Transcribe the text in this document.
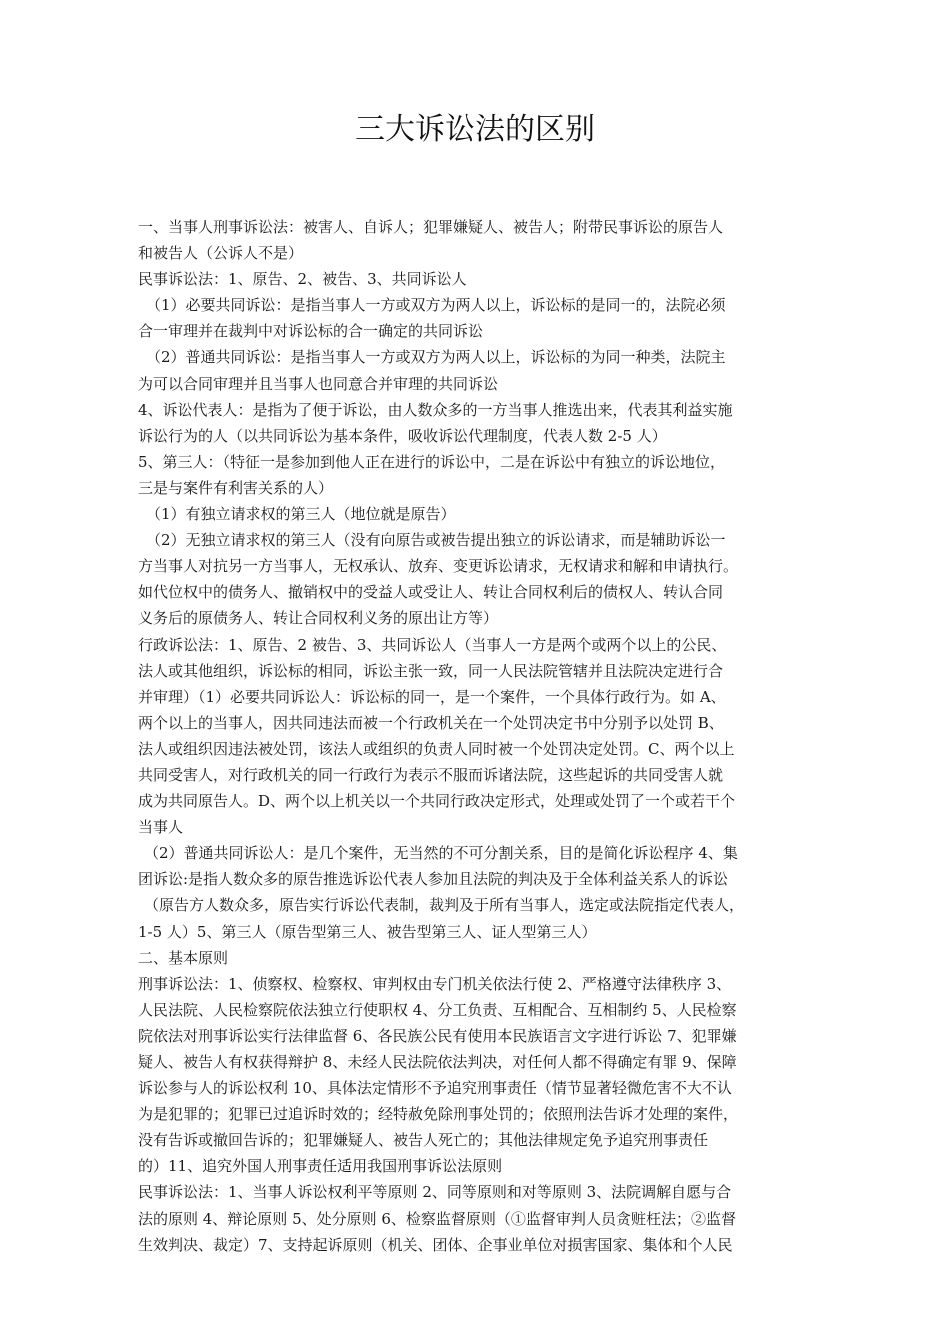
三大诉讼法的区别
一、当事人刑事诉讼法：被害人、自诉人；犯罪嫌疑人、被告人；附带民事诉讼的原告人
和被告人（公诉人不是）
民事诉讼法：1、原告、2、被告、3、共同诉讼人
（1）必要共同诉讼：是指当事人一方或双方为两人以上，诉讼标的是同一的，法院必须
合一审理并在裁判中对诉讼标的合一确定的共同诉讼
（2）普通共同诉讼：是指当事人一方或双方为两人以上，诉讼标的为同一种类，法院主
为可以合同审理并且当事人也同意合并审理的共同诉讼
4、诉讼代表人：是指为了便于诉讼，由人数众多的一方当事人推选出来，代表其利益实施
诉讼行为的人（以共同诉讼为基本条件，吸收诉讼代理制度，代表人数 2-5 人）
5、第三人：（特征一是参加到他人正在进行的诉讼中，二是在诉讼中有独立的诉讼地位，
三是与案件有利害关系的人）
（1）有独立请求权的第三人（地位就是原告）
（2）无独立请求权的第三人（没有向原告或被告提出独立的诉讼请求，而是辅助诉讼一
方当事人对抗另一方当事人，无权承认、放弃、变更诉讼请求，无权请求和解和申请执行。
如代位权中的债务人、撤销权中的受益人或受让人、转让合同权利后的债权人、转认合同
义务后的原债务人、转让合同权利义务的原出让方等）
行政诉讼法：1、原告、2 被告、3、共同诉讼人（当事人一方是两个或两个以上的公民、
法人或其他组织，诉讼标的相同，诉讼主张一致，同一人民法院管辖并且法院决定进行合
并审理）（1）必要共同诉讼人：诉讼标的同一，是一个案件，一个具体行政行为。如 A、
两个以上的当事人，因共同违法而被一个行政机关在一个处罚决定书中分别予以处罚 B、
法人或组织因违法被处罚，该法人或组织的负责人同时被一个处罚决定处罚。C、两个以上
共同受害人，对行政机关的同一行政行为表示不服而诉诸法院，这些起诉的共同受害人就
成为共同原告人。D、两个以上机关以一个共同行政决定形式，处理或处罚了一个或若干个
当事人
（2）普通共同诉讼人：是几个案件，无当然的不可分割关系，目的是简化诉讼程序 4、集
团诉讼:是指人数众多的原告推选诉讼代表人参加且法院的判决及于全体利益关系人的诉讼
（原告方人数众多，原告实行诉讼代表制，裁判及于所有当事人，选定或法院指定代表人，
1-5 人）5、第三人（原告型第三人、被告型第三人、证人型第三人）
二、基本原则
刑事诉讼法：1、侦察权、检察权、审判权由专门机关依法行使 2、严格遵守法律秩序 3、
人民法院、人民检察院依法独立行使职权 4、分工负责、互相配合、互相制约 5、人民检察
院依法对刑事诉讼实行法律监督 6、各民族公民有使用本民族语言文字进行诉讼 7、犯罪嫌
疑人、被告人有权获得辩护 8、未经人民法院依法判决，对任何人都不得确定有罪 9、保障
诉讼参与人的诉讼权利 10、具体法定情形不予追究刑事责任（情节显著轻微危害不大不认
为是犯罪的；犯罪已过追诉时效的；经特赦免除刑事处罚的；依照刑法告诉才处理的案件，
没有告诉或撤回告诉的；犯罪嫌疑人、被告人死亡的；其他法律规定免予追究刑事责任
的）11、追究外国人刑事责任适用我国刑事诉讼法原则
民事诉讼法：1、当事人诉讼权利平等原则 2、同等原则和对等原则 3、法院调解自愿与合
法的原则 4、辩论原则 5、处分原则 6、检察监督原则（①监督审判人员贪赃枉法；②监督
生效判决、裁定）7、支持起诉原则（机关、团体、企事业单位对损害国家、集体和个人民
